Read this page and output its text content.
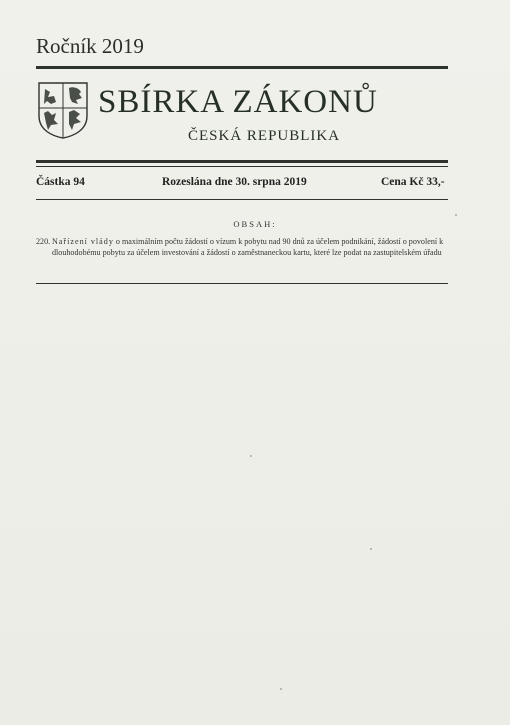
Ročník 2019
SBÍRKA ZÁKONŮ
ČESKÁ REPUBLIKA
Částka 94	Rozeslána dne 30. srpna 2019	Cena Kč 33,-
OBSAH:
220. Nařízení vlády o maximálním počtu žádostí o vízum k pobytu nad 90 dnů za účelem podnikání, žádostí o povolení k dlouhodobému pobytu za účelem investování a žádostí o zaměstnaneckou kartu, které lze podat na zastupitelském úřadu
